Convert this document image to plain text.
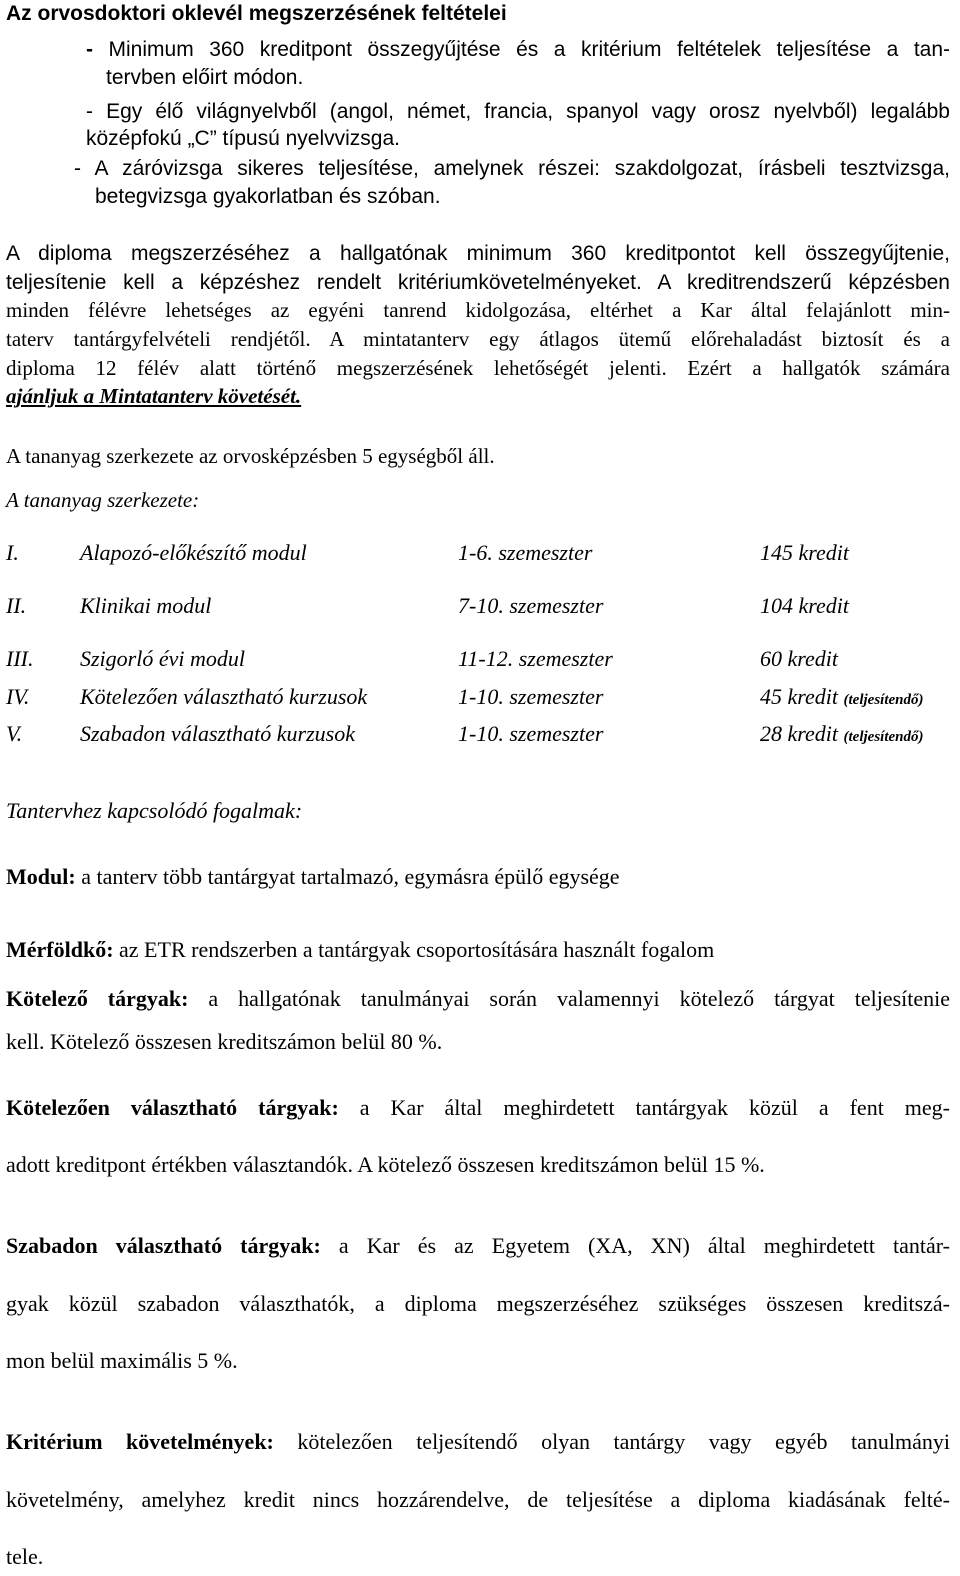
Az orvosdoktori oklevél megszerzésének feltételei
- Minimum 360 kreditpont összegyűjtése és a kritérium feltételek teljesítése a tan-
tervben előirt módon.
- Egy élő világnyelvből (angol, német, francia, spanyol vagy orosz nyelvből) legalább
középfokú „C” típusú nyelvvizsga.
- A záróvizsga sikeres teljesítése, amelynek részei: szakdolgozat, írásbeli tesztvizsga,
betegvizsga gyakorlatban és szóban.
A diploma megszerzéséhez a hallgatónak minimum 360 kreditpontot kell összegyűjtenie,
teljesítenie kell a képzéshez rendelt kritériumkövetelményeket. A kreditrendszerű képzésben
minden félévre lehetséges az egyéni tanrend kidolgozása, eltérhet a Kar által felajánlott min-
taterv tantárgyfelvételi rendjétől. A mintatanterv egy átlagos ütemű előrehaladást biztosít és a
diploma 12 félév alatt történő megszerzésének lehetőségét jelenti. Ezért a hallgatók számára
ajánljuk a Mintatanterv követését.
A tananyag szerkezete az orvosképzésben 5 egységből áll.
A tananyag szerkezete:
I.	Alapozó-előkészítő modul	1-6. szemeszter	145 kredit
II. Klinikai modul	7-10. szemeszter	104 kredit
III. Szigorló évi modul	11-12. szemeszter	60 kredit
IV. Kötelezően választható kurzusok	1-10. szemeszter	45 kredit (teljesítendő)
V.	Szabadon választható kurzusok	1-10. szemeszter	28 kredit (teljesítendő)
Tantervhez kapcsolódó fogalmak:
Modul: a tanterv több tantárgyat tartalmazó, egymásra épülő egysége
Mérföldkő: az ETR rendszerben a tantárgyak csoportosítására használt fogalom
Kötelező tárgyak: a hallgatónak tanulmányai során valamennyi kötelező tárgyat teljesítenie
kell. Kötelező összesen kreditszámon belül 80 %.
Kötelezően választható tárgyak: a Kar által meghirdetett tantárgyak közül a fent meg-
adott kreditpont értékben választandók. A kötelező összesen kreditszámon belül 15 %.
Szabadon választható tárgyak: a Kar és az Egyetem (XA, XN) által meghirdetett tantár-
gyak közül szabadon választhatók, a diploma megszerzéséhez szükséges összesen kreditszá-
mon belül maximális 5 %.
Kritérium követelmények: kötelezően teljesítendő olyan tantárgy vagy egyéb tanulmányi
követelmény, amelyhez kredit nincs hozzárendelve, de teljesítése a diploma kiadásának felté-
tele.
